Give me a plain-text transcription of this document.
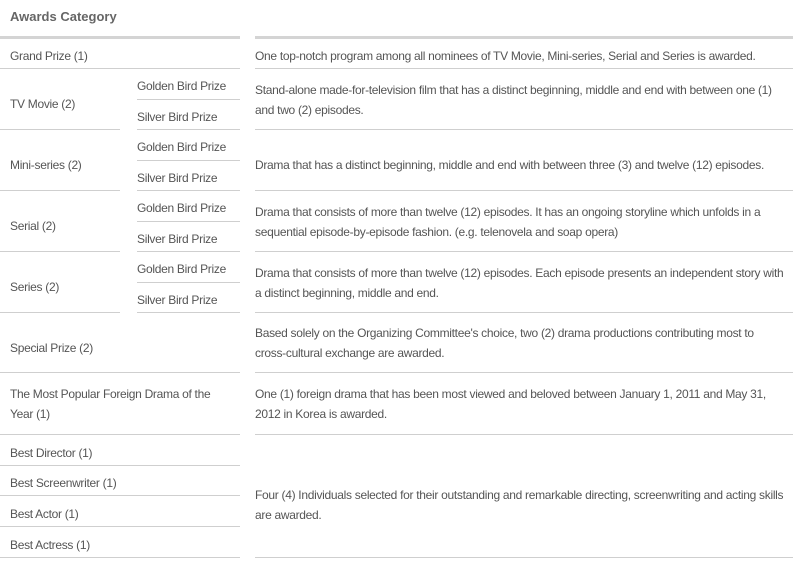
Awards Category
Grand Prize (1)	One top-notch program among all nominees of TV Movie, Mini-series, Serial and Series is awarded.
TV Movie (2)
Golden Bird Prize
Silver Bird Prize
Stand-alone made-for-television film that has a distinct beginning, middle and end with between one (1) and two (2) episodes.
Mini-series (2)
Golden Bird Prize
Silver Bird Prize
Drama that has a distinct beginning, middle and end with between three (3) and twelve (12) episodes.
Serial (2)
Golden Bird Prize
Silver Bird Prize
Drama that consists of more than twelve (12) episodes. It has an ongoing storyline which unfolds in a sequential episode-by-episode fashion. (e.g. telenovela and soap opera)
Series (2)
Golden Bird Prize
Silver Bird Prize
Drama that consists of more than twelve (12) episodes. Each episode presents an independent story with a distinct beginning, middle and end.
Special Prize (2)
Based solely on the Organizing Committee's choice, two (2) drama productions contributing most to cross-cultural exchange are awarded.
The Most Popular Foreign Drama of the Year (1)
One (1) foreign drama that has been most viewed and beloved between January 1, 2011 and May 31, 2012 in Korea is awarded.
Best Director (1)
Best Screenwriter (1)
Best Actor (1)
Best Actress (1)
Four (4) Individuals selected for their outstanding and remarkable directing, screenwriting and acting skills are awarded.
